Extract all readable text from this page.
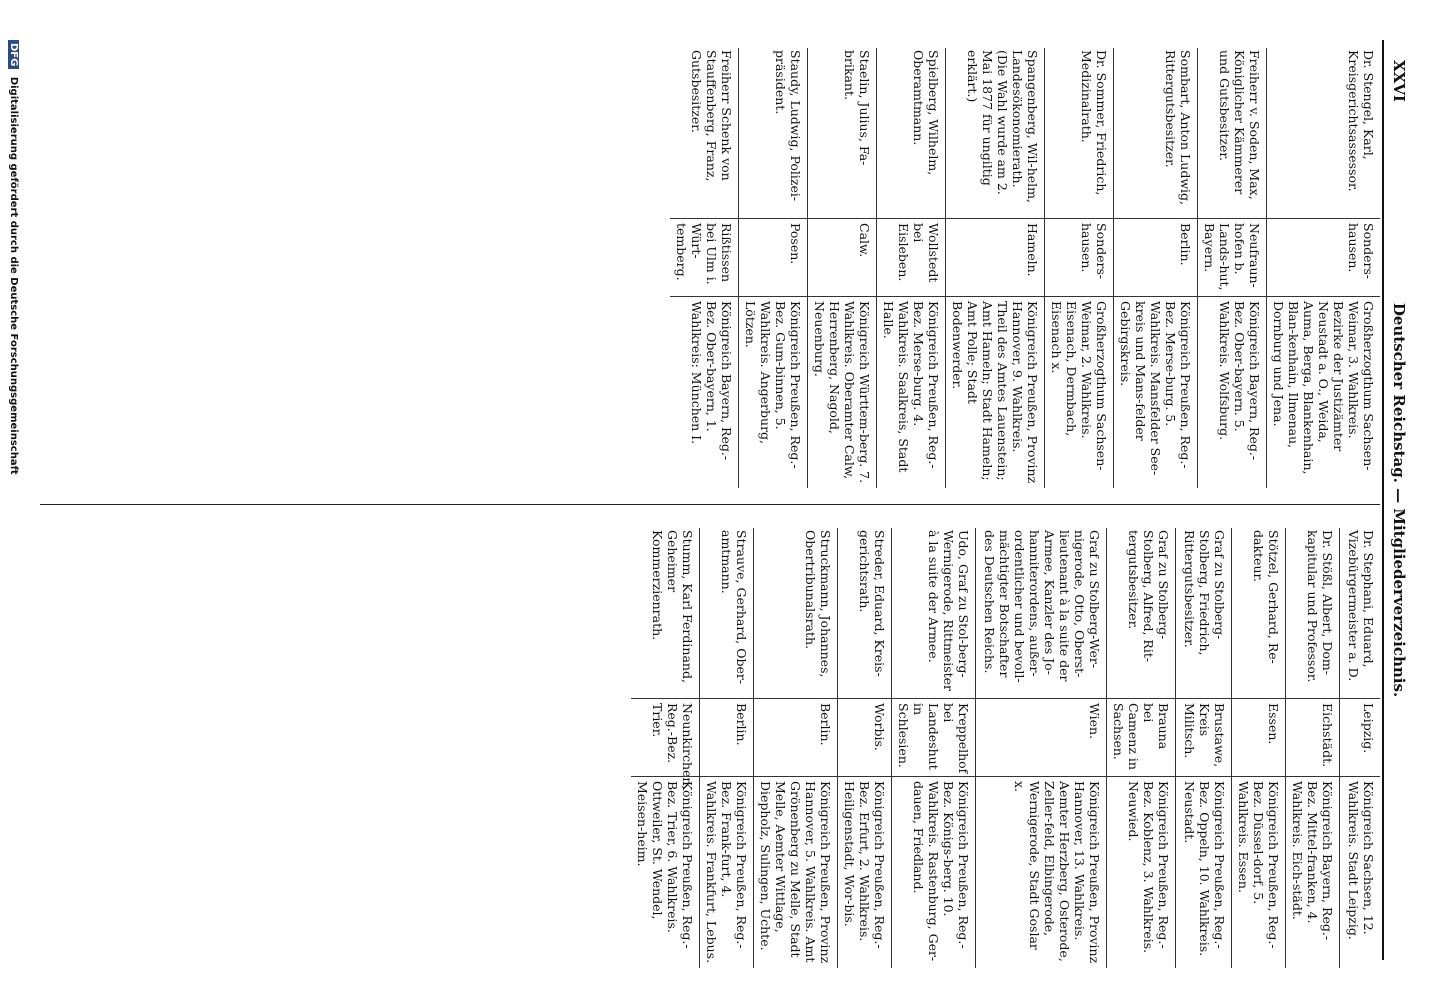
XXVI
Deutscher Reichstag. — Mitgliederverzeichnis.
Dr. Stengel, Karl, Kreisgerichtsassessor.
Sonders-hausen.
Großherzogthum Sachsen-Weimar, 3. Wahlkreis. Bezirke der Justizämter Neustadt a. O., Weida, Auma, Berga, Blankenhain, Blan-kenhain, Ilmenau, Dornburg und Jena.
Freiherr v. Soden, Max, Königlicher Kämmerer und Gutsbesitzer.
Neufraun-hofen b. Lands-hut, Bayern.
Königreich Bayern, Reg.-Bez. Ober-bayern. 5. Wahlkreis. Wolfsburg.
Sombart, Anton Ludwig, Rittergutsbesitzer.
Berlin.
Königreich Preußen, Reg.-Bez. Merse-burg. 5. Wahlkreis. Mansfelder See-kreis und Mans-felder Gebirgskreis.
Dr. Sommer, Friedrich, Medizinalrath.
Sonders-hausen.
Großherzogthum Sachsen-Weimar, 2. Wahlkreis. Eisenach, Dermbach, Eisenach x.
Spangenberg, Wil-helm, Landesökonomierath. (Die Wahl wurde am 2. Mai 1877 für ungiltig erklärt.)
Hameln.
Königreich Preußen, Provinz Hannover, 9. Wahlkreis. Theil des Amtes Lauenstein; Amt Hameln; Stadt Hameln; Amt Polle; Stadt Bodenwerder.
Spielberg, Wilhelm, Oberamtmann.
Wollstedt bei Eisleben.
Königreich Preußen, Reg.-Bez. Merse-burg. 4. Wahlkreis. Saalkreis, Stadt Halle.
Staelin, Julius, Fa-brikant.
Calw.
Königreich Württem-berg. 7. Wahlkreis. Oberamter Calw, Herrenberg, Nagold, Neuenburg.
Staudy, Ludwig, Polizei-präsident.
Posen.
Königreich Preußen, Reg.-Bez. Gum-binnen, 5. Wahlkreis. Angerburg, Lötzen.
Freiherr Schenk von Stauffenberg, Franz, Gutsbesitzer.
Rißtissen bei Ulm i. Würt-temberg.
Königreich Bayern, Reg.-Bez. Ober-bayern, 1. Wahlkreis: München I.
Dr. Stephani, Eduard, Vizebürgermeister a. D.
Leipzig.
Königreich Sachsen, 12. Wahlkreis. Stadt Leipzig.
Dr. Stößl, Albert, Dom-kapitular und Professor.
Eichstädt.
Königreich Bayern, Reg.-Bez. Mittel-franken, 4. Wahlkreis. Eich-städt.
Stötzel, Gerhard, Re-dakteur.
Essen.
Königreich Preußen, Reg.-Bez. Düssel-dorf, 5. Wahlkreis. Essen.
Graf zu Stolberg-Stolberg, Friedrich, Rittergutsbesitzer.
Brustawe, Kreis Militsch.
Königreich Preußen, Reg.-Bez. Oppeln, 10. Wahlkreis. Neustadt.
Graf zu Stolberg-Stolberg, Alfred, Rit-tergutsbesitzer.
Brauna bei Camenz in Sachsen.
Königreich Preußen, Reg.-Bez. Koblenz, 3. Wahlkreis. Neuwied.
Graf zu Stolberg-Wer-nigerode, Otto, Oberst-lieutenant à la suite der Armee, Kanzler des Jo-hanniterordens, außer-ordentlicher und bevoll-mächtigter Botschafter des Deutschen Reichs.
Wien.
Königreich Preußen, Provinz Hannover, 13. Wahlkreis. Aemter Herzberg, Osterode, Zeller-feld, Elbingerode, Wernigerode, Stadt Goslar x.
Udo, Graf zu Stol-berg-Wernigerode, Rittmeister à la suite der Armee.
Kreppelhof bei Landeshut in Schlesien.
Königreich Preußen, Reg.-Bez. Königs-berg. 10. Wahlkreis. Rastenburg, Ger-dauen, Friedland.
Streder, Eduard, Kreis-gerichtsrath.
Worbis.
Königreich Preußen, Reg.-Bez. Erfurt, 2. Wahlkreis. Heiligenstadt, Wor-bis.
Struckmann, Johannes, Obertribunalsrath.
Berlin.
Königreich Preußen, Provinz Hannover, 5. Wahlkreis. Amt Grönenberg zu Melle, Stadt Melle, Aemter Wittlage, Diepholz, Sulingen, Uchte.
Strauve, Gerhard, Ober-amtmann.
Berlin.
Königreich Preußen, Reg.-Bez. Frank-furt, 4. Wahlkreis. Frankfurt, Lebus.
Stumm, Karl Ferdinand, Geheimer Kommerzienrath.
Neunkirchen, Reg.-Bez. Trier.
Königreich Preußen, Reg.-Bez. Trier, 6. Wahlkreis. Ottweiler, St. Wendel, Meisen-heim.
DFG Digitalisierung gefördert durch die Deutsche Forschungsgemeinschaft
